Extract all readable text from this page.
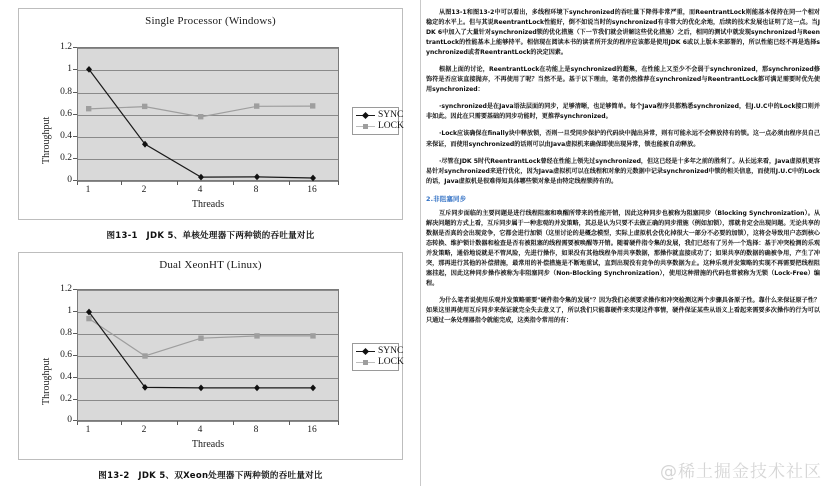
Single Processor (Windows)
Throughput
1.2
1
0.8
0.6
0.4
0.2
0
1	2	4	8	16
Threads
SYNC
LOCK
图13-1　JDK 5、单核处理器下两种锁的吞吐量对比
Dual XeonHT (Linux)
Throughput
1.2
1
0.8
0.6
0.4
0.2
0
1	2	4	8	16
Threads
SYNC
LOCK
图13-2　JDK 5、双Xeon处理器下两种锁的吞吐量对比

从图13-1和图13-2中可以看出，多线程环境下synchronized的吞吐量下降得非常严重，而ReentrantLock则能基本保持在同一个相对稳定的水平上。但与其说ReentrantLock性能好，倒不如说当时的synchronized有非常大的优化余地，后续的技术发展也证明了这一点。当JDK 6中加入了大量针对synchronized锁的优化措施（下一节我们就会讲解这些优化措施）之后，相同的测试中就发现synchronized与ReentrantLock的性能基本上能够持平。相信现在阅读本书的读者所开发的程序应该都是使用JDK 6或以上版本来部署的，所以性能已经不再是选择synchronized或者ReentrantLock的决定因素。

根据上面的讨论，ReentrantLock在功能上是synchronized的超集，在性能上又至少不会弱于synchronized，那synchronized修饰符是否应该直接抛弃，不再使用了呢？当然不是。基于以下理由，笔者仍然推荐在synchronized与ReentrantLock都可满足需要时优先使用synchronized：

·synchronized是在Java语法层面的同步，足够清晰，也足够简单。每个Java程序员都熟悉synchronized，但J.U.C中的Lock接口则并非如此。因此在只需要基础的同步功能时，更推荐synchronized。

·Lock应该确保在finally块中释放锁，否则一旦受同步保护的代码块中抛出异常，则有可能永远不会释放持有的锁。这一点必须由程序员自己来保证，而使用synchronized的话则可以由Java虚拟机来确保即使出现异常，锁也能被自动释放。

·尽管在JDK 5时代ReentrantLock曾经在性能上领先过synchronized，但这已经是十多年之前的胜利了。从长远来看，Java虚拟机更容易针对synchronized来进行优化，因为Java虚拟机可以在线程和对象的元数据中记录synchronized中锁的相关信息，而使用J.U.C中的Lock的话，Java虚拟机是很难得知具体哪些锁对象是由特定线程锁持有的。

2.非阻塞同步

互斥同步面临的主要问题是进行线程阻塞和唤醒所带来的性能开销，因此这种同步也被称为阻塞同步（Blocking Synchronization）。从解决问题的方式上看，互斥同步属于一种悲观的并发策略，其总是认为只要不去做正确的同步措施（例如加锁），那就肯定会出现问题。无论共享的数据是否真的会出现竞争，它都会进行加锁（这里讨论的是概念模型，实际上虚拟机会优化掉很大一部分不必要的加锁），这将会导致用户态到核心态转换、维护锁计数器和检查是否有被阻塞的线程需要被唤醒等开销。随着硬件指令集的发展，我们已经有了另外一个选择：基于冲突检测的乐观并发策略，通俗地说就是不管风险，先进行操作，如果没有其他线程争用共享数据，那操作就直接成功了；如果共享的数据的确被争用，产生了冲突，那再进行其他的补偿措施，最常用的补偿措施是不断地重试，直到出现没有竞争的共享数据为止。这种乐观并发策略的实现不再需要把线程阻塞挂起，因此这种同步操作被称为非阻塞同步（Non-Blocking Synchronization），使用这种措施的代码也常被称为无锁（Lock-Free）编程。

为什么笔者说使用乐观并发策略需要"硬件指令集的发展"？因为我们必须要求操作和冲突检测这两个步骤具备原子性。靠什么来保证原子性？如果这里再使用互斥同步来保证就完全失去意义了，所以我们只能靠硬件来实现这件事情，硬件保证某些从语义上看起来需要多次操作的行为可以只通过一条处理器指令就能完成，这类指令常用的有：

@稀土掘金技术社区
